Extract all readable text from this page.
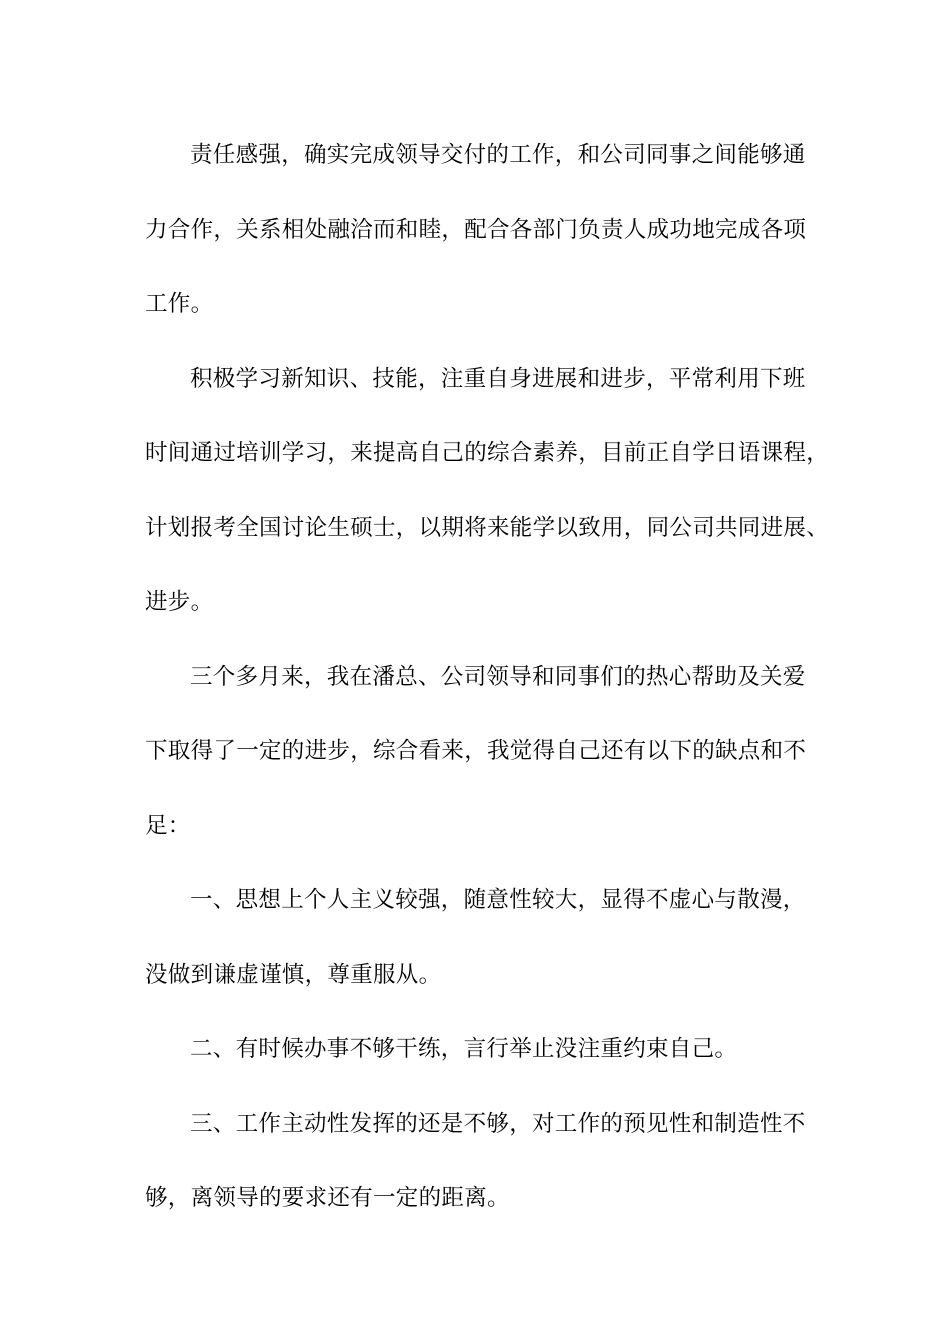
责任感强，确实完成领导交付的工作，和公司同事之间能够通
力合作，关系相处融洽而和睦，配合各部门负责人成功地完成各项
工作。
积极学习新知识、技能，注重自身进展和进步，平常利用下班
时间通过培训学习，来提高自己的综合素养，目前正自学日语课程，
计划报考全国讨论生硕士，以期将来能学以致用，同公司共同进展、
进步。
三个多月来，我在潘总、公司领导和同事们的热心帮助及关爱
下取得了一定的进步，综合看来，我觉得自己还有以下的缺点和不
足：
一、思想上个人主义较强，随意性较大，显得不虚心与散漫，
没做到谦虚谨慎，尊重服从。
二、有时候办事不够干练，言行举止没注重约束自己。
三、工作主动性发挥的还是不够，对工作的预见性和制造性不
够，离领导的要求还有一定的距离。
